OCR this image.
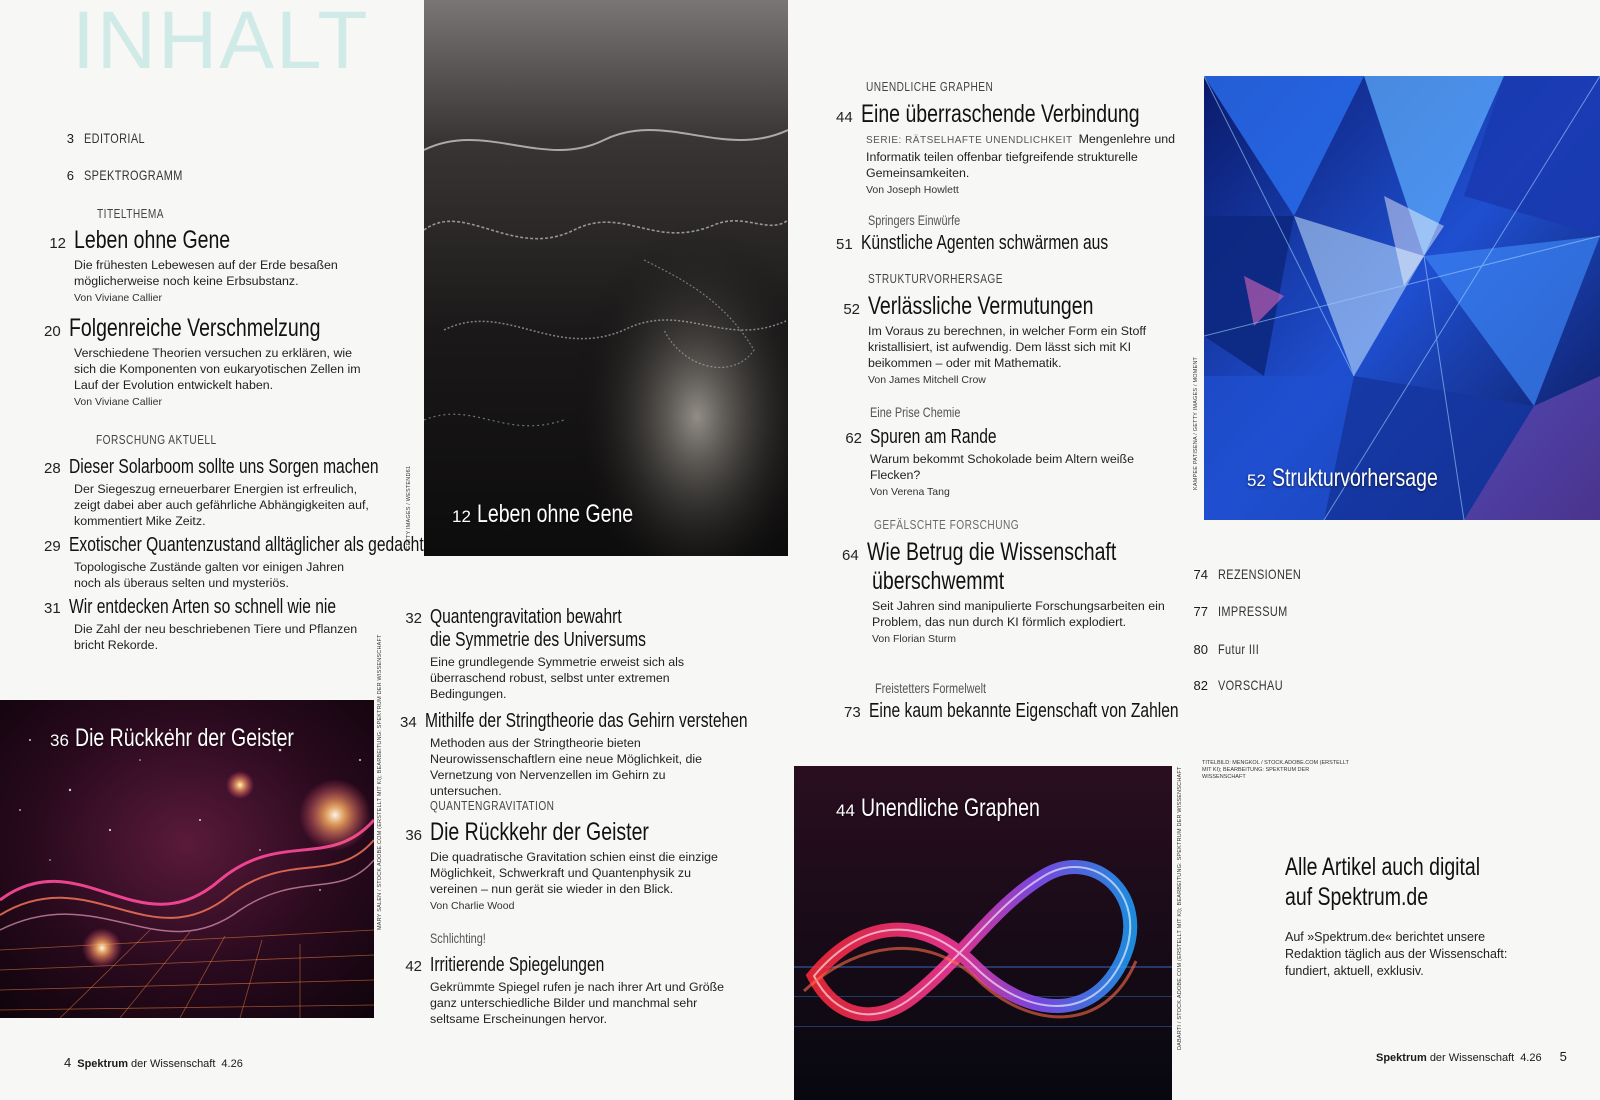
INHALT
3 EDITORIAL
6 SPEKTROGRAMM
TITELTHEMA
12 Leben ohne Gene
Die frühesten Lebewesen auf der Erde besaßen möglicherweise noch keine Erbsubstanz.
Von Viviane Callier
20 Folgenreiche Verschmelzung
Verschiedene Theorien versuchen zu erklären, wie sich die Komponenten von eukaryotischen Zellen im Lauf der Evolution entwickelt haben.
Von Viviane Callier
FORSCHUNG AKTUELL
28 Dieser Solarboom sollte uns Sorgen machen
Der Siegeszug erneuerbarer Energien ist erfreulich, zeigt dabei aber auch gefährliche Abhängigkeiten auf, kommentiert Mike Zeitz.
29 Exotischer Quantenzustand alltäglicher als gedacht
Topologische Zustände galten vor einigen Jahren noch als überaus selten und mysteriös.
31 Wir entdecken Arten so schnell wie nie
Die Zahl der neu beschriebenen Tiere und Pflanzen bricht Rekorde.
36 Die Rückkehr der Geister	MARY SALEN / STOCK.ADOBE.COM (ERSTELLT MIT KI); BEARBEITUNG: SPEKTRUM DER WISSENSCHAFT
4 Spektrum der Wissenschaft 4.26
12 Leben ohne Gene
GETTY IMAGES / WESTEND61
32 Quantengravitation bewahrt
die Symmetrie des Universums
Eine grundlegende Symmetrie erweist sich als überraschend robust, selbst unter extremen Bedingungen.
34 Mithilfe der Stringtheorie das Gehirn verstehen
Methoden aus der Stringtheorie bieten Neurowissenschaftlern eine neue Möglichkeit, die Vernetzung von Nervenzellen im Gehirn zu untersuchen.
QUANTENGRAVITATION
36 Die Rückkehr der Geister
Die quadratische Gravitation schien einst die einzige Möglichkeit, Schwerkraft und Quantenphysik zu vereinen – nun gerät sie wieder in den Blick.
Von Charlie Wood
Schlichting!
42 Irritierende Spiegelungen
Gekrümmte Spiegel rufen je nach ihrer Art und Größe ganz unterschiedliche Bilder und manchmal sehr seltsame Erscheinungen hervor.
UNENDLICHE GRAPHEN
44 Eine überraschende Verbindung
SERIE: RÄTSELHAFTE UNENDLICHKEIT Mengenlehre und Informatik teilen offenbar tiefgreifende strukturelle Gemeinsamkeiten.
Von Joseph Howlett
Springers Einwürfe
51 Künstliche Agenten schwärmen aus
STRUKTURVORHERSAGE
52 Verlässliche Vermutungen
Im Voraus zu berechnen, in welcher Form ein Stoff kristallisiert, ist aufwendig. Dem lässt sich mit KI beikommen – oder mit Mathematik.
Von James Mitchell Crow
Eine Prise Chemie
62 Spuren am Rande
Warum bekommt Schokolade beim Altern weiße Flecken?
Von Verena Tang
GEFÄLSCHTE FORSCHUNG
64 Wie Betrug die Wissenschaft
überschwemmt
Seit Jahren sind manipulierte Forschungsarbeiten ein Problem, das nun durch KI förmlich explodiert.
Von Florian Sturm
Freistetters Formelwelt
73 Eine kaum bekannte Eigenschaft von Zahlen
52 Strukturvorhersage
KAMPEE PATISENA / GETTY IMAGES / MOMENT
44 Unendliche Graphen	DABARTI / STOCK.ADOBE.COM (ERSTELLT MIT KI); BEARBEITUNG: SPEKTRUM DER WISSENSCHAFT
74 REZENSIONEN
77 IMPRESSUM
80 Futur III
82 VORSCHAU
TITELBILD: MENGKOL / STOCK.ADOBE.COM (ERSTELLT MIT KI); BEARBEITUNG: SPEKTRUM DER WISSENSCHAFT
Alle Artikel auch digital
auf Spektrum.de
Auf »Spektrum.de« berichtet unsere Redaktion täglich aus der Wissenschaft: fundiert, aktuell, exklusiv.
Spektrum der Wissenschaft 4.26 5
